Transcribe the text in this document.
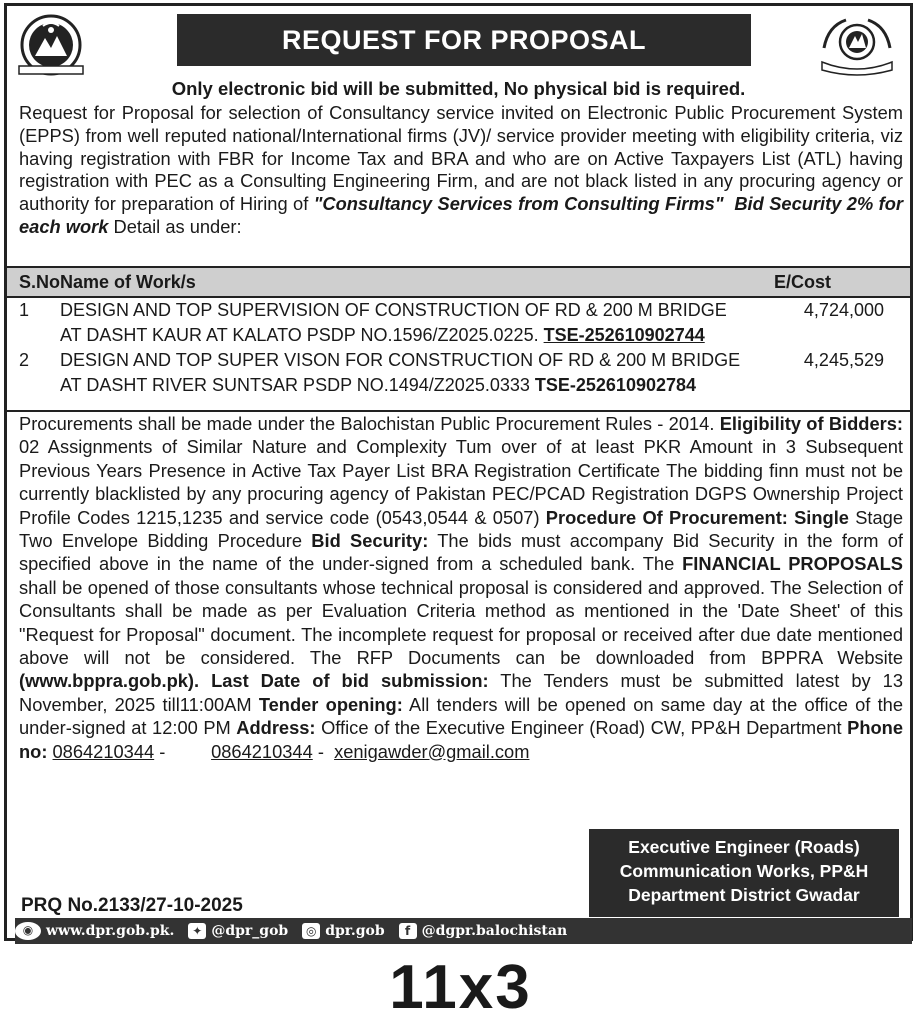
REQUEST FOR PROPOSAL
Only electronic bid will be submitted, No physical bid is required.
Request for Proposal for selection of Consultancy service invited on Electronic Public Procurement System (EPPS) from well reputed national/International firms (JV)/ service provider meeting with eligibility criteria, viz having registration with FBR for Income Tax and BRA and who are on Active Taxpayers List (ATL) having registration with PEC as a Consulting Engineering Firm, and are not black listed in any procuring agency or authority for preparation of Hiring of "Consultancy Services from Consulting Firms" Bid Security 2% for each work Detail as under:
S.No	Name of Work/s	E/Cost
1	DESIGN AND TOP SUPERVISION OF CONSTRUCTION OF RD & 200 M BRIDGE
AT DASHT KAUR AT KALATO PSDP NO.1596/Z2025.0225. TSE-252610902744	4,724,000
2	DESIGN AND TOP SUPER VISON FOR CONSTRUCTION OF RD & 200 M BRIDGE
AT DASHT RIVER SUNTSAR PSDP NO.1494/Z2025.0333 TSE-252610902784	4,245,529
Procurements shall be made under the Balochistan Public Procurement Rules - 2014. Eligibility of Bidders: 02 Assignments of Similar Nature and Complexity Tum over of at least PKR Amount in 3 Subsequent Previous Years Presence in Active Tax Payer List BRA Registration Certificate The bidding finn must not be currently blacklisted by any procuring agency of Pakistan PEC/PCAD Registration DGPS Ownership Project Profile Codes 1215,1235 and service code (0543,0544 & 0507) Procedure Of Procurement: Single Stage Two Envelope Bidding Procedure Bid Security: The bids must accompany Bid Security in the form of specified above in the name of the under-signed from a scheduled bank. The FINANCIAL PROPOSALS shall be opened of those consultants whose technical proposal is considered and approved. The Selection of Consultants shall be made as per Evaluation Criteria method as mentioned in the 'Date Sheet' of this "Request for Proposal" document. The incomplete request for proposal or received after due date mentioned above will not be considered. The RFP Documents can be downloaded from BPPRA Website (www.bppra.gob.pk). Last Date of bid submission: The Tenders must be submitted latest by 13 November, 2025 till11:00AM Tender opening: All tenders will be opened on same day at the office of the under-signed at 12:00 PM Address: Office of the Executive Engineer (Road) CW, PP&H Department Phone no: 0864210344 -         0864210344 -  xenigawder@gmail.com
Executive Engineer (Roads)
Communication Works, PP&H
Department District Gwadar
PRQ No.2133/27-10-2025
◉ www.dpr.gob.pk.	✦ @dpr_gob	◎ dpr.gob	f @dgpr.balochistan
11x3
